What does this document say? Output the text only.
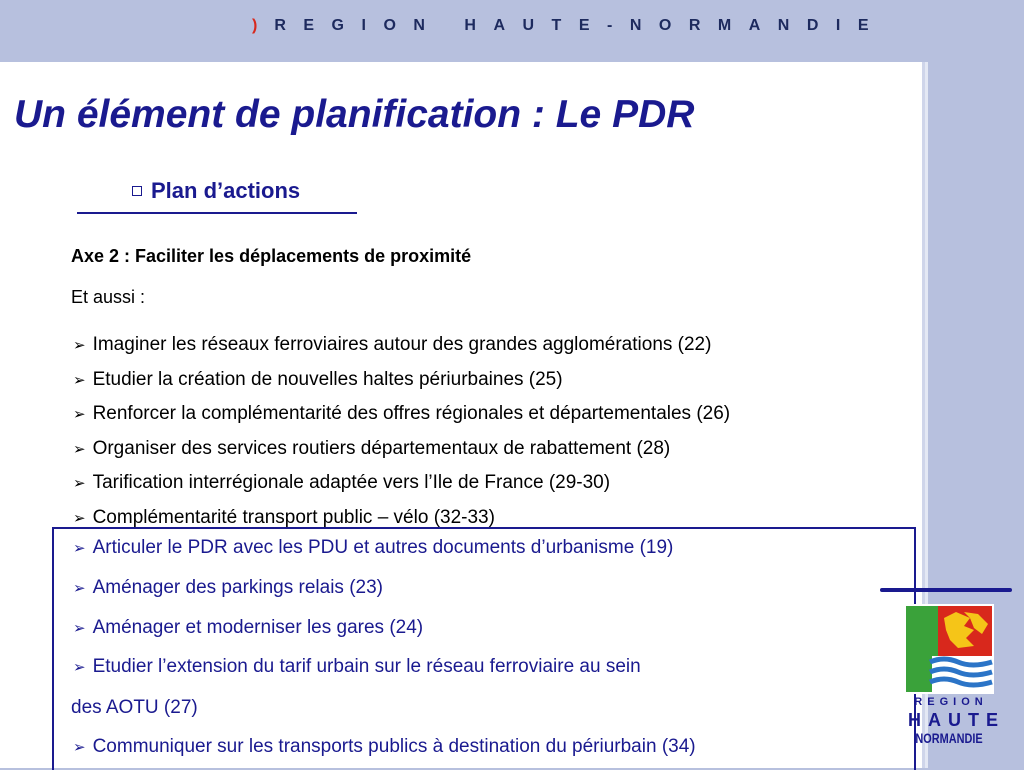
)REGION HAUTE-NORMANDIE
Un élément de planification : Le PDR
Plan d’actions
Axe 2 : Faciliter les déplacements de proximité
Et aussi :
➢ Imaginer les réseaux ferroviaires autour des grandes agglomérations (22)
➢ Etudier la création de nouvelles haltes périurbaines (25)
➢ Renforcer la complémentarité des offres régionales et départementales (26)
➢ Organiser des services routiers départementaux de rabattement (28)
➢ Tarification interrégionale adaptée vers l’Ile de France (29-30)
➢ Complémentarité transport public – vélo (32-33)
➢ Articuler le PDR avec les PDU et autres documents d’urbanisme (19)
➢ Aménager des parkings relais (23)
➢ Aménager et moderniser les gares (24)
➢ Etudier l’extension du tarif urbain sur le réseau ferroviaire au sein
des AOTU (27)
➢ Communiquer sur les transports publics à destination du périurbain (34)
REGION
HAUTE
NORMANDIE
